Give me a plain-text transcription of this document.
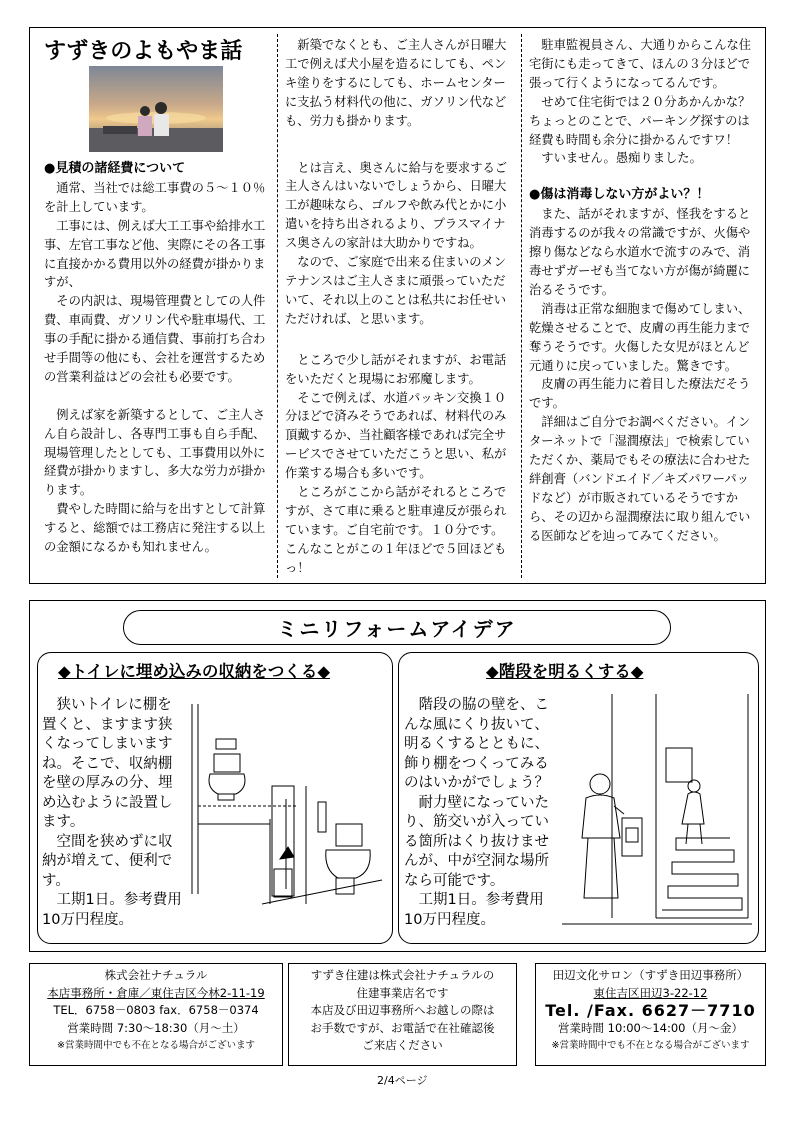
すずきのよもやま話

●見積の諸経費について

通常、当社では総工事費の５～１０％を計上しています。

工事には、例えば大工工事や給排水工事、左官工事など他、実際にその各工事に直接かかる費用以外の経費が掛かりますが、

その内訳は、現場管理費としての人件費、車両費、ガソリン代や駐車場代、工事の手配に掛かる通信費、事前打ち合わせ手間等の他にも、会社を運営するための営業利益はどの会社も必要です。

例えば家を新築するとして、ご主人さん自ら設計し、各専門工事も自ら手配、現場管理したとしても、工事費用以外に経費が掛かりますし、多大な労力が掛かります。

費やした時間に給与を出すとして計算すると、総額では工務店に発注する以上の金額になるかも知れません。

新築でなくとも、ご主人さんが日曜大工で例えば犬小屋を造るにしても、ペンキ塗りをするにしても、ホームセンターに支払う材料代の他に、ガソリン代なども、労力も掛かります。

とは言え、奥さんに給与を要求するご主人さんはいないでしょうから、日曜大工が趣味なら、ゴルフや飲み代とかに小遣いを持ち出されるより、プラスマイナス奥さんの家計は大助かりですね。

なので、ご家庭で出来る住まいのメンテナンスはご主人さまに頑張っていただいて、それ以上のことは私共にお任せいただければ、と思います。

ところで少し話がそれますが、お電話をいただくと現場にお邪魔します。

そこで例えば、水道パッキン交換１０分ほどで済みそうであれば、材料代のみ頂戴するか、当社顧客様であれば完全サービスでさせていただこうと思い、私が作業する場合も多いです。

ところがここから話がそれるところですが、さて車に乗ると駐車違反が張られています。ご自宅前です。１０分です。こんなことがこの１年ほどで５回ほどもっ！

駐車監視員さん、大通りからこんな住宅街にも走ってきて、ほんの３分ほどで張って行くようになってるんです。

せめて住宅街では２０分あかんかな？ちょっとのことで、パーキング探すのは経費も時間も余分に掛かるんですワ！

すいません。愚痴りました。

●傷は消毒しない方がよい？！

また、話がそれますが、怪我をすると消毒するのが我々の常識ですが、火傷や擦り傷などなら水道水で流すのみで、消毒せずガーゼも当てない方が傷が綺麗に治るそうです。

消毒は正常な細胞まで傷めてしまい、乾燥させることで、皮膚の再生能力まで奪うそうです。火傷した女児がほとんど元通りに戻っていました。驚きです。

皮膚の再生能力に着目した療法だそうです。

詳細はご自分でお調べください。インターネットで「湿潤療法」で検索していただくか、薬局でもその療法に合わせた絆創膏（バンドエイド／キズパワーパッドなど）が市販されているそうですから、その辺から湿潤療法に取り組んでいる医師などを辿ってみてください。

ミニリフォームアイデア
◆トイレに埋め込みの収納をつくる◆	◆階段を明るくする◆

狭いトイレに棚を置くと、ますます狭くなってしまいますね。そこで、収納棚を壁の厚みの分、埋め込むように設置します。

空間を狭めずに収納が増えて、便利です。

工期1日。参考費用10万円程度。

階段の脇の壁を、こんな風にくり抜いて、明るくするとともに、飾り棚をつくってみるのはいかがでしょう？

耐力壁になっていたり、筋交いが入っている箇所はくり抜けませんが、中が空洞な場所なら可能です。

工期1日。参考費用10万円程度。

株式会社ナチュラル
本店事務所・倉庫／東住吉区今林2-11-19
TEL．6758－0803 fax．6758－0374
営業時間 7:30～18:30（月～土）
※営業時間中でも不在となる場合がございます
すずき住建は株式会社ナチュラルの
住建事業店名です
本店及び田辺事務所へお越しの際は
お手数ですが、お電話で在社確認後
ご来店ください
田辺文化サロン（すずき田辺事務所）
東住吉区田辺3-22-12
Tel. /Fax. 6627－7710
営業時間 10:00～14:00（月～金）
※営業時間中でも不在となる場合がございます
2/4ページ
